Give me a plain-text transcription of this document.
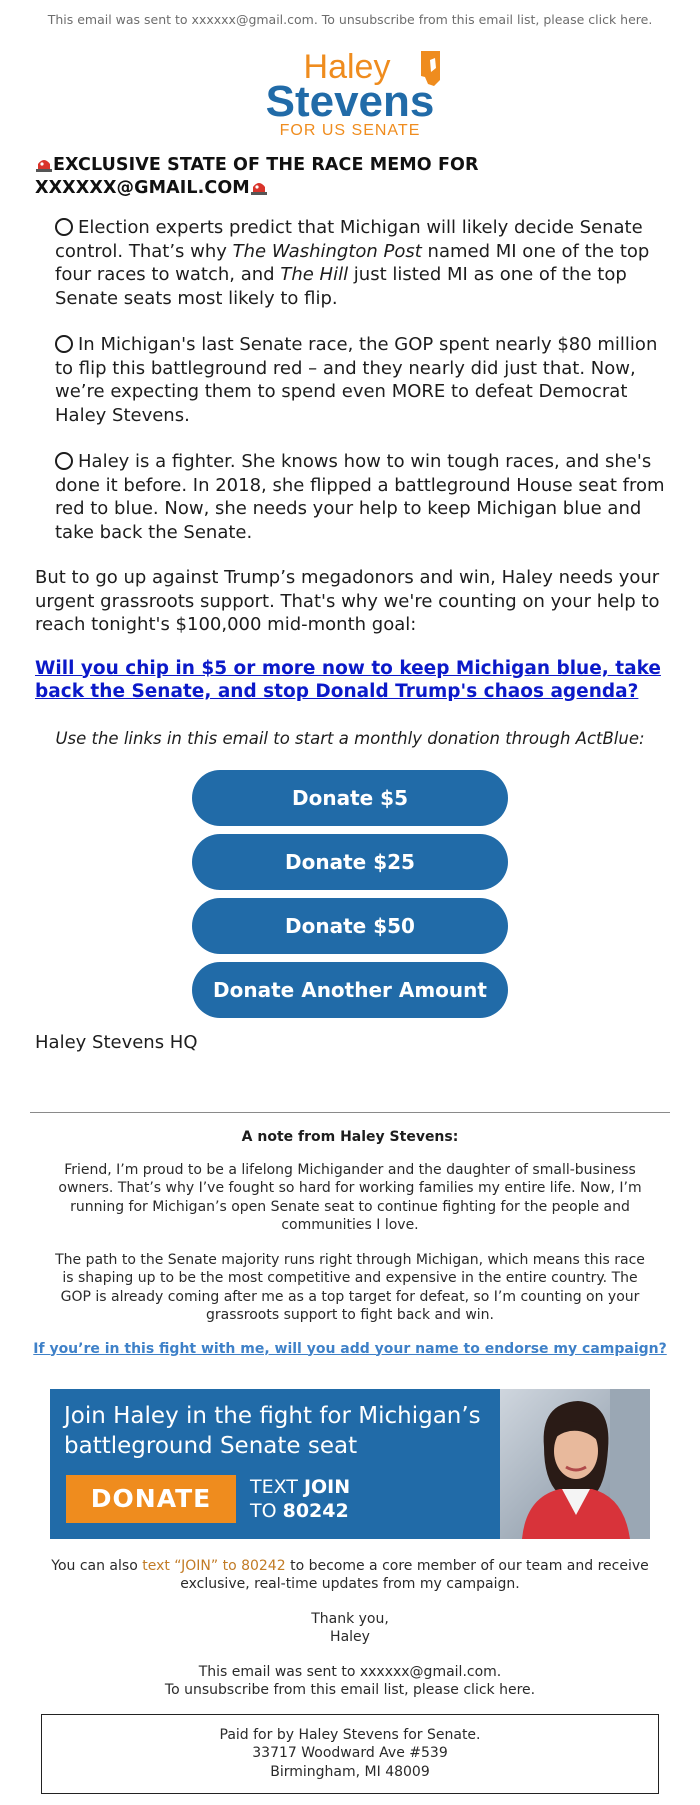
This email was sent to xxxxxx@gmail.com. To unsubscribe from this email list, please click here.
Haley
Stevens
FOR US SENATE
EXCLUSIVE STATE OF THE RACE MEMO FOR XXXXXX@GMAIL.COM
Election experts predict that Michigan will likely decide Senate control. That’s why The Washington Post named MI one of the top four races to watch, and The Hill just listed MI as one of the top Senate seats most likely to flip.
In Michigan's last Senate race, the GOP spent nearly $80 million to flip this battleground red – and they nearly did just that. Now, we’re expecting them to spend even MORE to defeat Democrat Haley Stevens.
Haley is a fighter. She knows how to win tough races, and she's done it before. In 2018, she flipped a battleground House seat from red to blue. Now, she needs your help to keep Michigan blue and take back the Senate.
But to go up against Trump’s megadonors and win, Haley needs your urgent grassroots support. That's why we're counting on your help to reach tonight's $100,000 mid-month goal:
Will you chip in $5 or more now to keep Michigan blue, take back the Senate, and stop Donald Trump's chaos agenda?
Use the links in this email to start a monthly donation through ActBlue:
Donate $5
Donate $25
Donate $50
Donate Another Amount
Haley Stevens HQ
A note from Haley Stevens:
Friend, I’m proud to be a lifelong Michigander and the daughter of small-business owners. That’s why I’ve fought so hard for working families my entire life. Now, I’m running for Michigan’s open Senate seat to continue fighting for the people and communities I love.
The path to the Senate majority runs right through Michigan, which means this race is shaping up to be the most competitive and expensive in the entire country. The GOP is already coming after me as a top target for defeat, so I’m counting on your grassroots support to fight back and win.
If you’re in this fight with me, will you add your name to endorse my campaign?
Join Haley in the fight for Michigan’s battleground Senate seat
DONATE	TEXT JOIN
TO 80242
You can also text “JOIN” to 80242 to become a core member of our team and receive exclusive, real-time updates from my campaign.
Thank you,
Haley
This email was sent to xxxxxx@gmail.com.
To unsubscribe from this email list, please click here.
Paid for by Haley Stevens for Senate.
33717 Woodward Ave #539
Birmingham, MI 48009
